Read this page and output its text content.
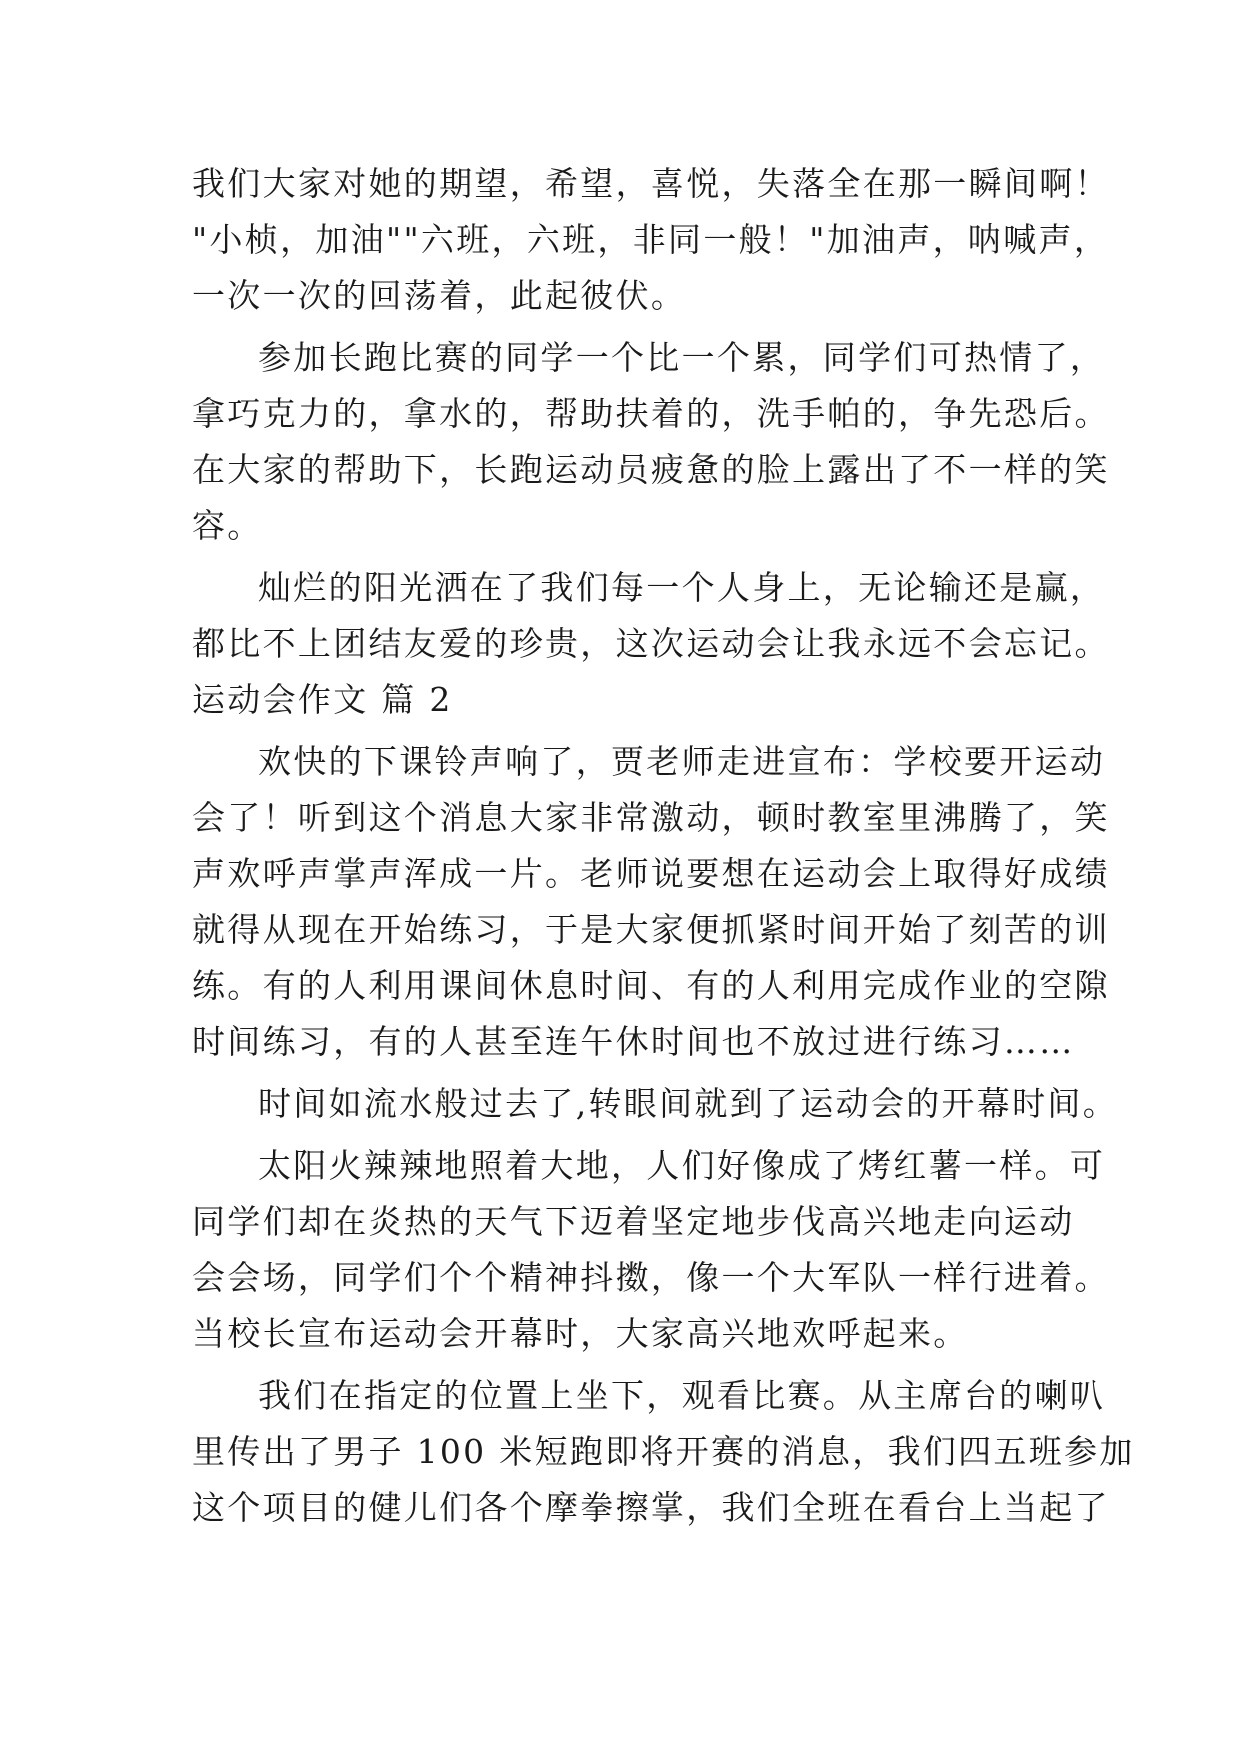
我们大家对她的期望，希望，喜悦，失落全在那一瞬间啊！
"小桢，加油""六班，六班，非同一般！"加油声，呐喊声，
一次一次的回荡着，此起彼伏。
参加长跑比赛的同学一个比一个累，同学们可热情了，
拿巧克力的，拿水的，帮助扶着的，洗手帕的，争先恐后。
在大家的帮助下，长跑运动员疲惫的脸上露出了不一样的笑
容。
灿烂的阳光洒在了我们每一个人身上，无论输还是赢，
都比不上团结友爱的珍贵，这次运动会让我永远不会忘记。
运动会作文 篇 2
欢快的下课铃声响了，贾老师走进宣布：学校要开运动
会了！听到这个消息大家非常激动，顿时教室里沸腾了，笑
声欢呼声掌声浑成一片。老师说要想在运动会上取得好成绩
就得从现在开始练习，于是大家便抓紧时间开始了刻苦的训
练。有的人利用课间休息时间、有的人利用完成作业的空隙
时间练习，有的人甚至连午休时间也不放过进行练习……
时间如流水般过去了,转眼间就到了运动会的开幕时间。
太阳火辣辣地照着大地，人们好像成了烤红薯一样。可
同学们却在炎热的天气下迈着坚定地步伐高兴地走向运动
会会场，同学们个个精神抖擞，像一个大军队一样行进着。
当校长宣布运动会开幕时，大家高兴地欢呼起来。
我们在指定的位置上坐下，观看比赛。从主席台的喇叭
里传出了男子 100 米短跑即将开赛的消息，我们四五班参加
这个项目的健儿们各个摩拳擦掌，我们全班在看台上当起了
